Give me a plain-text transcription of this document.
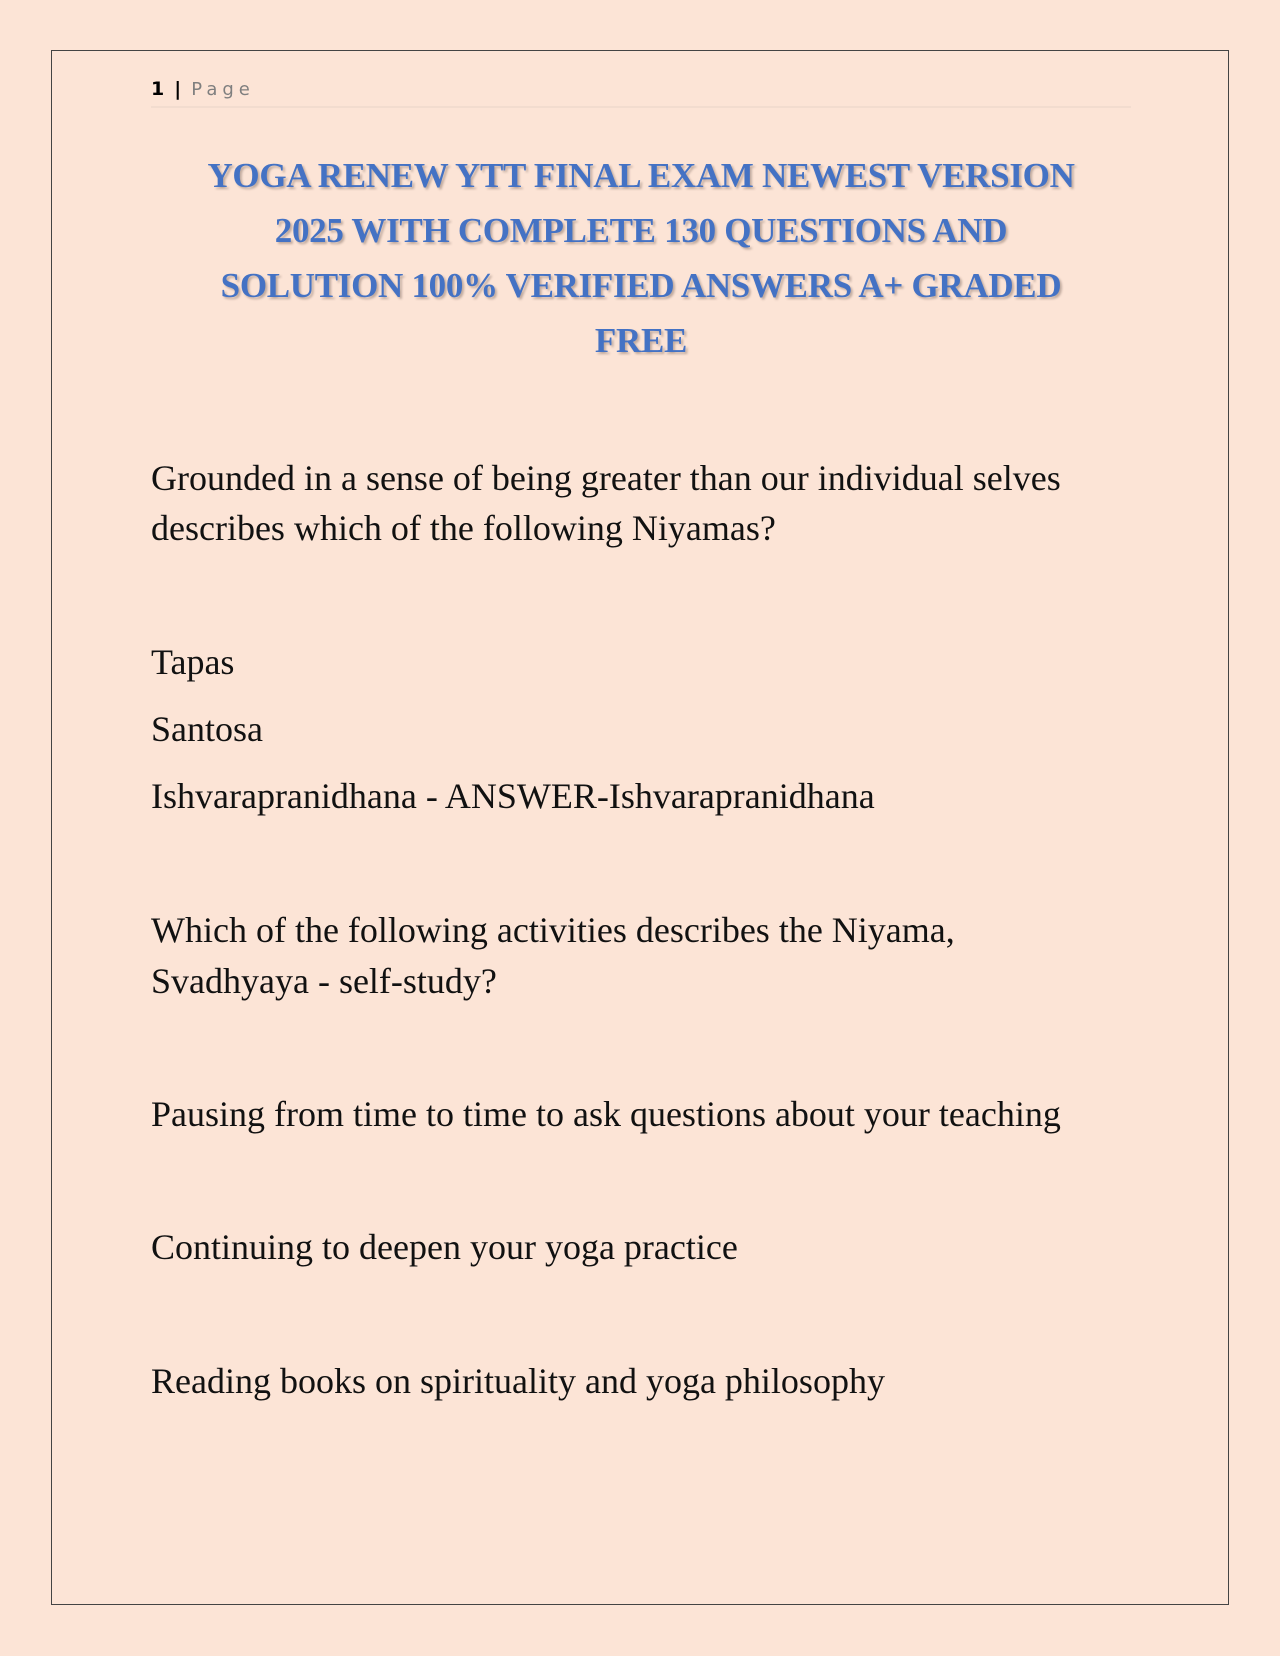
1 | Page
YOGA RENEW YTT FINAL EXAM NEWEST VERSION
2025 WITH COMPLETE 130 QUESTIONS AND
SOLUTION 100% VERIFIED ANSWERS A+ GRADED
FREE
Grounded in a sense of being greater than our individual selves
describes which of the following Niyamas?
Tapas
Santosa
Ishvarapranidhana - ANSWER-Ishvarapranidhana
Which of the following activities describes the Niyama,
Svadhyaya - self-study?
Pausing from time to time to ask questions about your teaching
Continuing to deepen your yoga practice
Reading books on spirituality and yoga philosophy
